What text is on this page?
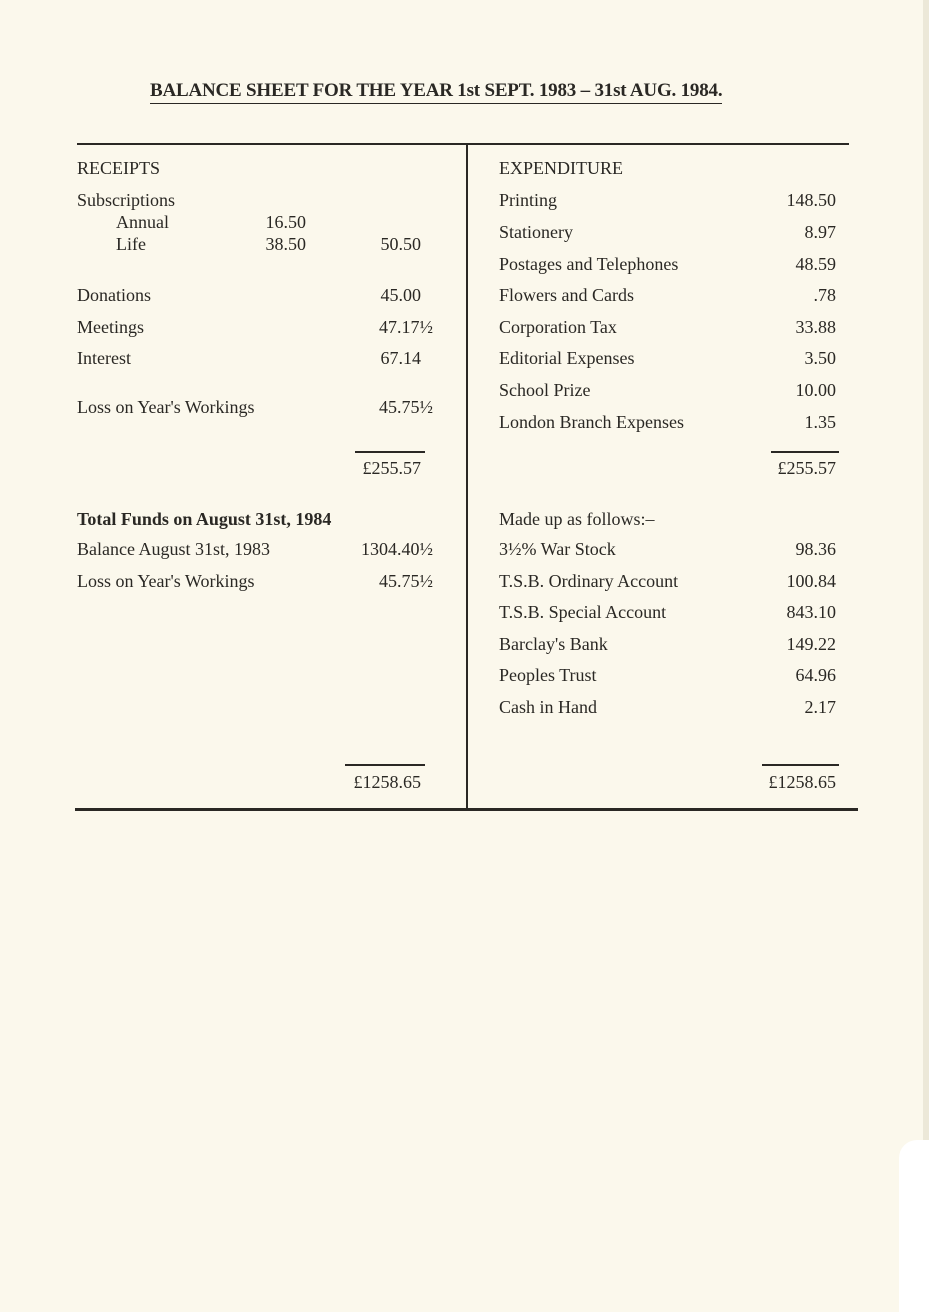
BALANCE SHEET FOR THE YEAR 1st SEPT. 1983 – 31st AUG. 1984.
RECEIPTS
Subscriptions
Annual	16.50
Life	38.50	50.50
Donations	45.00
Meetings	47.17½
Interest	67.14
Loss on Year's Workings	45.75½
£255.57
Total Funds on August 31st, 1984
Balance August 31st, 1983	1304.40½
Loss on Year's Workings	45.75½
£1258.65
EXPENDITURE
Printing	148.50
Stationery	8.97
Postages and Telephones	48.59
Flowers and Cards	.78
Corporation Tax	33.88
Editorial Expenses	3.50
School Prize	10.00
London Branch Expenses	1.35
£255.57
Made up as follows:–
3½% War Stock	98.36
T.S.B. Ordinary Account	100.84
T.S.B. Special Account	843.10
Barclay's Bank	149.22
Peoples Trust	64.96
Cash in Hand	2.17
£1258.65
